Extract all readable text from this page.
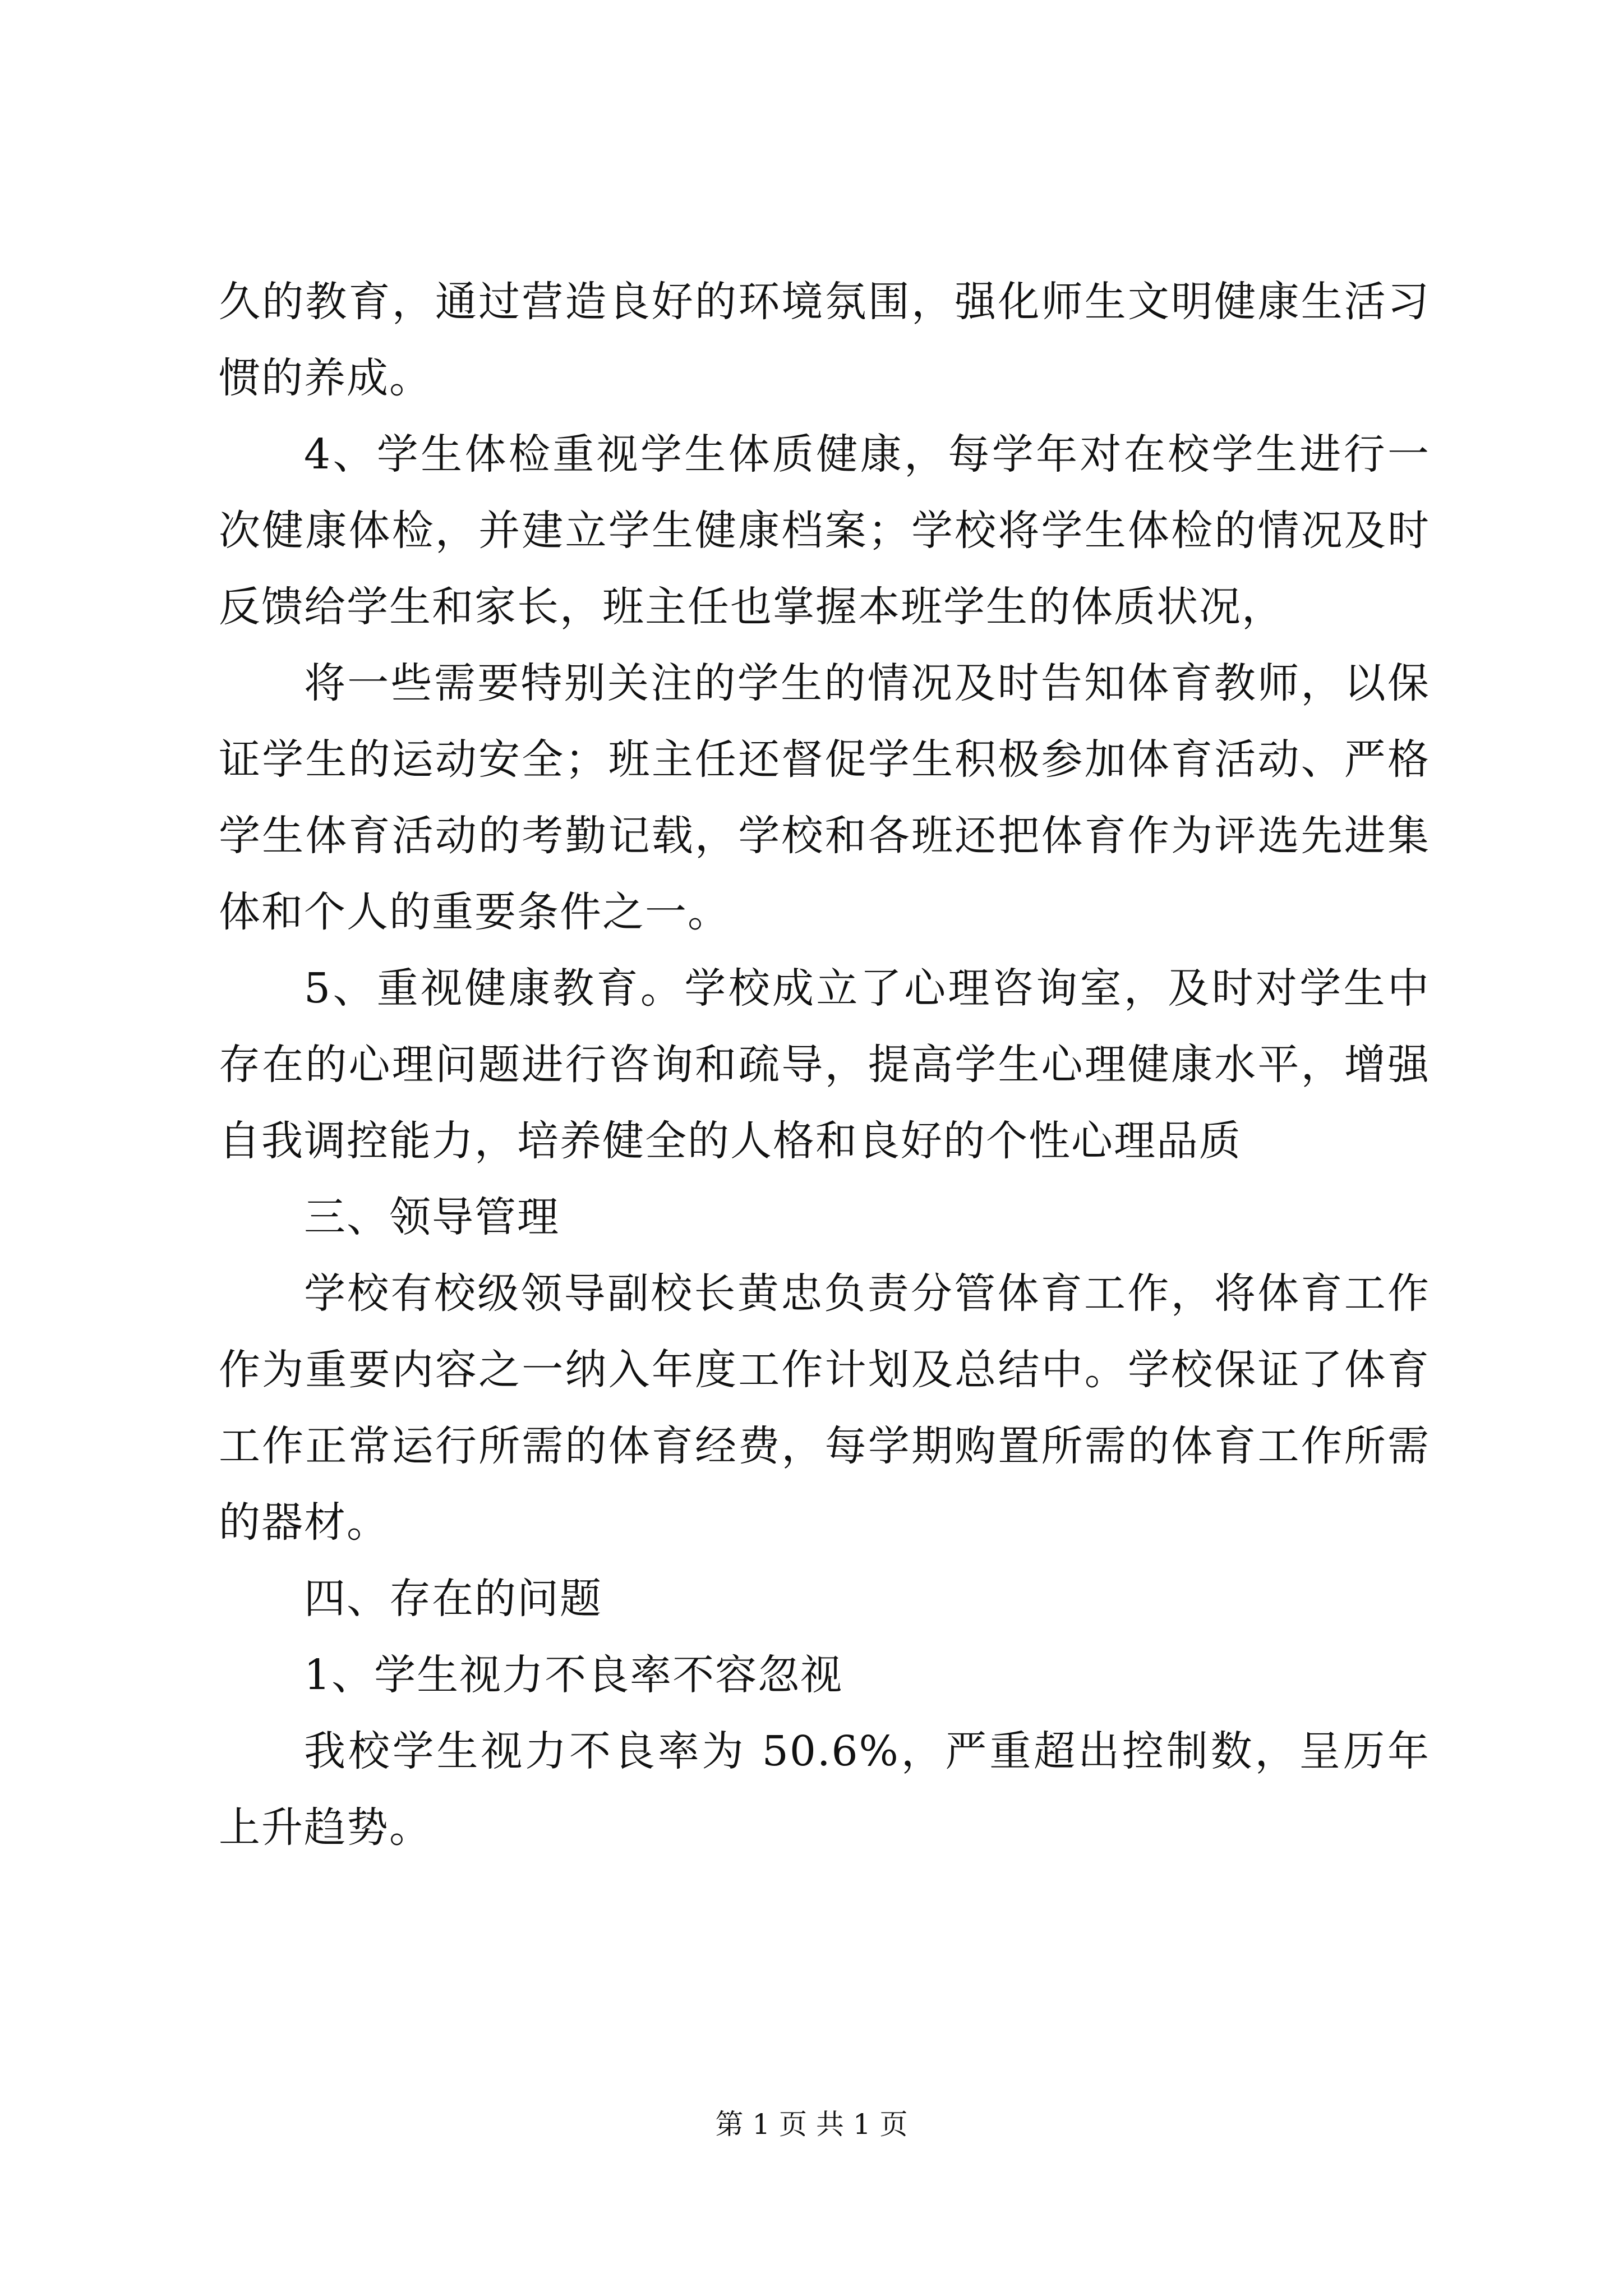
久的教育，通过营造良好的环境氛围，强化师生文明健康生活习惯的养成。

4、学生体检重视学生体质健康，每学年对在校学生进行一次健康体检，并建立学生健康档案；学校将学生体检的情况及时反馈给学生和家长，班主任也掌握本班学生的体质状况，

将一些需要特别关注的学生的情况及时告知体育教师，以保证学生的运动安全；班主任还督促学生积极参加体育活动、严格学生体育活动的考勤记载，学校和各班还把体育作为评选先进集体和个人的重要条件之一。

5、重视健康教育。学校成立了心理咨询室，及时对学生中存在的心理问题进行咨询和疏导，提高学生心理健康水平，增强自我调控能力，培养健全的人格和良好的个性心理品质

三、领导管理

学校有校级领导副校长黄忠负责分管体育工作，将体育工作作为重要内容之一纳入年度工作计划及总结中。学校保证了体育工作正常运行所需的体育经费，每学期购置所需的体育工作所需的器材。

四、存在的问题

1、学生视力不良率不容忽视

我校学生视力不良率为 50.6%，严重超出控制数，呈历年上升趋势。

第 1 页 共 1 页
